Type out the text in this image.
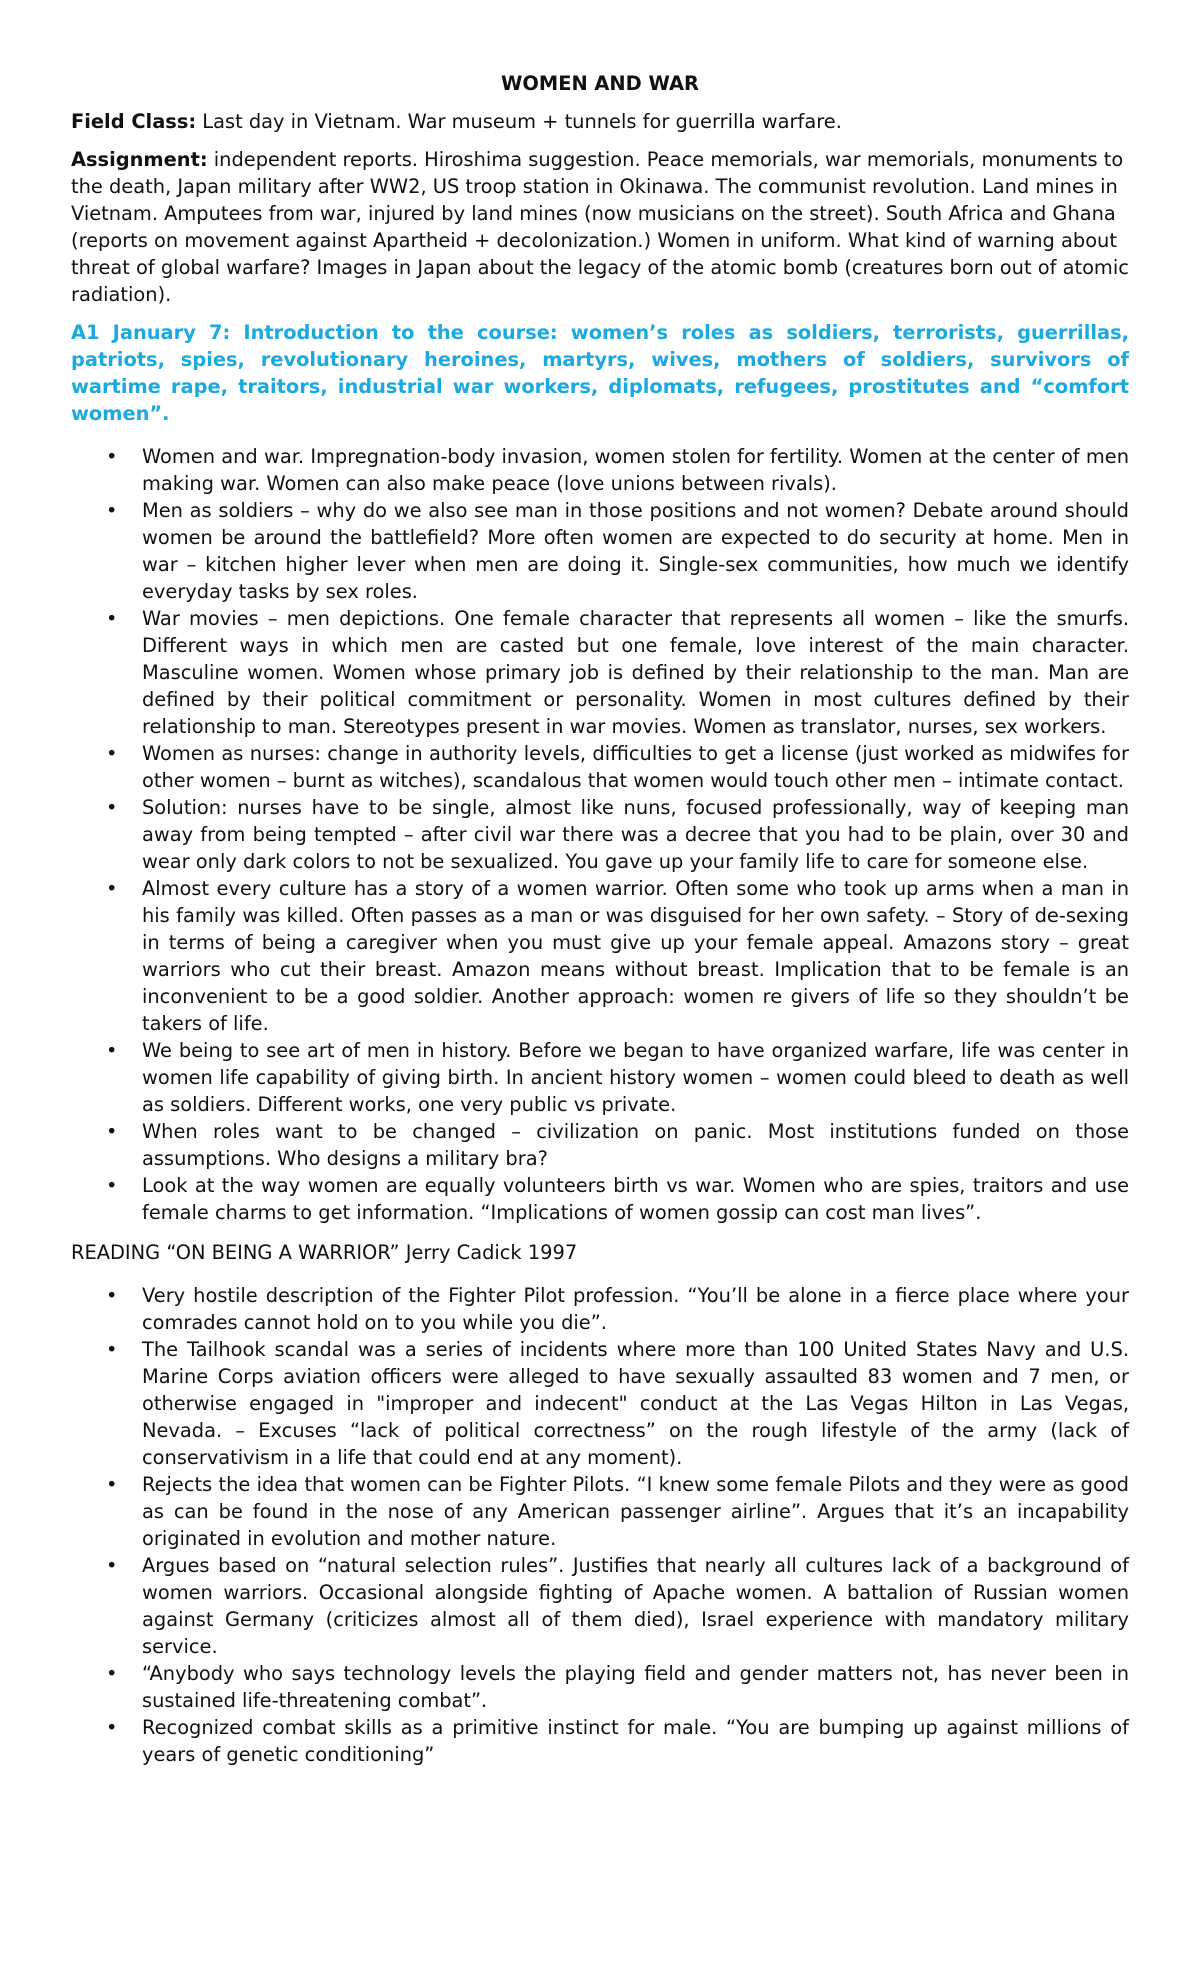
WOMEN AND WAR

Field Class: Last day in Vietnam. War museum + tunnels for guerrilla warfare.

Assignment: independent reports. Hiroshima suggestion. Peace memorials, war memorials, monuments to the death, Japan military after WW2, US troop station in Okinawa. The communist revolution. Land mines in Vietnam. Amputees from war, injured by land mines (now musicians on the street). South Africa and Ghana (reports on movement against Apartheid + decolonization.) Women in uniform. What kind of warning about threat of global warfare? Images in Japan about the legacy of the atomic bomb (creatures born out of atomic radiation).

A1 January 7: Introduction to the course: women’s roles as soldiers, terrorists, guerrillas, patriots, spies, revolutionary heroines, martyrs, wives, mothers of soldiers, survivors of wartime rape, traitors, industrial war workers, diplomats, refugees, prostitutes and “comfort women”.

• Women and war. Impregnation-body invasion, women stolen for fertility. Women at the center of men making war. Women can also make peace (love unions between rivals).
• Men as soldiers – why do we also see man in those positions and not women? Debate around should women be around the battlefield? More often women are expected to do security at home. Men in war – kitchen higher lever when men are doing it. Single-sex communities, how much we identify everyday tasks by sex roles.
• War movies – men depictions. One female character that represents all women – like the smurfs. Different ways in which men are casted but one female, love interest of the main character. Masculine women. Women whose primary job is defined by their relationship to the man. Man are defined by their political commitment or personality. Women in most cultures defined by their relationship to man. Stereotypes present in war movies. Women as translator, nurses, sex workers.
• Women as nurses: change in authority levels, difficulties to get a license (just worked as midwifes for other women – burnt as witches), scandalous that women would touch other men – intimate contact.
• Solution: nurses have to be single, almost like nuns, focused professionally, way of keeping man away from being tempted – after civil war there was a decree that you had to be plain, over 30 and wear only dark colors to not be sexualized. You gave up your family life to care for someone else.
• Almost every culture has a story of a women warrior. Often some who took up arms when a man in his family was killed. Often passes as a man or was disguised for her own safety. – Story of de-sexing in terms of being a caregiver when you must give up your female appeal. Amazons story – great warriors who cut their breast. Amazon means without breast. Implication that to be female is an inconvenient to be a good soldier. Another approach: women re givers of life so they shouldn’t be takers of life.
• We being to see art of men in history. Before we began to have organized warfare, life was center in women life capability of giving birth. In ancient history women – women could bleed to death as well as soldiers. Different works, one very public vs private.
• When roles want to be changed – civilization on panic. Most institutions funded on those assumptions. Who designs a military bra?
• Look at the way women are equally volunteers birth vs war. Women who are spies, traitors and use female charms to get information. “Implications of women gossip can cost man lives”.

READING “ON BEING A WARRIOR” Jerry Cadick 1997

• Very hostile description of the Fighter Pilot profession. “You’ll be alone in a fierce place where your comrades cannot hold on to you while you die”.
• The Tailhook scandal was a series of incidents where more than 100 United States Navy and U.S. Marine Corps aviation officers were alleged to have sexually assaulted 83 women and 7 men, or otherwise engaged in "improper and indecent" conduct at the Las Vegas Hilton in Las Vegas, Nevada. – Excuses “lack of political correctness” on the rough lifestyle of the army (lack of conservativism in a life that could end at any moment).
• Rejects the idea that women can be Fighter Pilots. “I knew some female Pilots and they were as good as can be found in the nose of any American passenger airline”. Argues that it’s an incapability originated in evolution and mother nature.
• Argues based on “natural selection rules”. Justifies that nearly all cultures lack of a background of women warriors. Occasional alongside fighting of Apache women. A battalion of Russian women against Germany (criticizes almost all of them died), Israel experience with mandatory military service.
• “Anybody who says technology levels the playing field and gender matters not, has never been in sustained life-threatening combat”.
• Recognized combat skills as a primitive instinct for male. “You are bumping up against millions of years of genetic conditioning”
